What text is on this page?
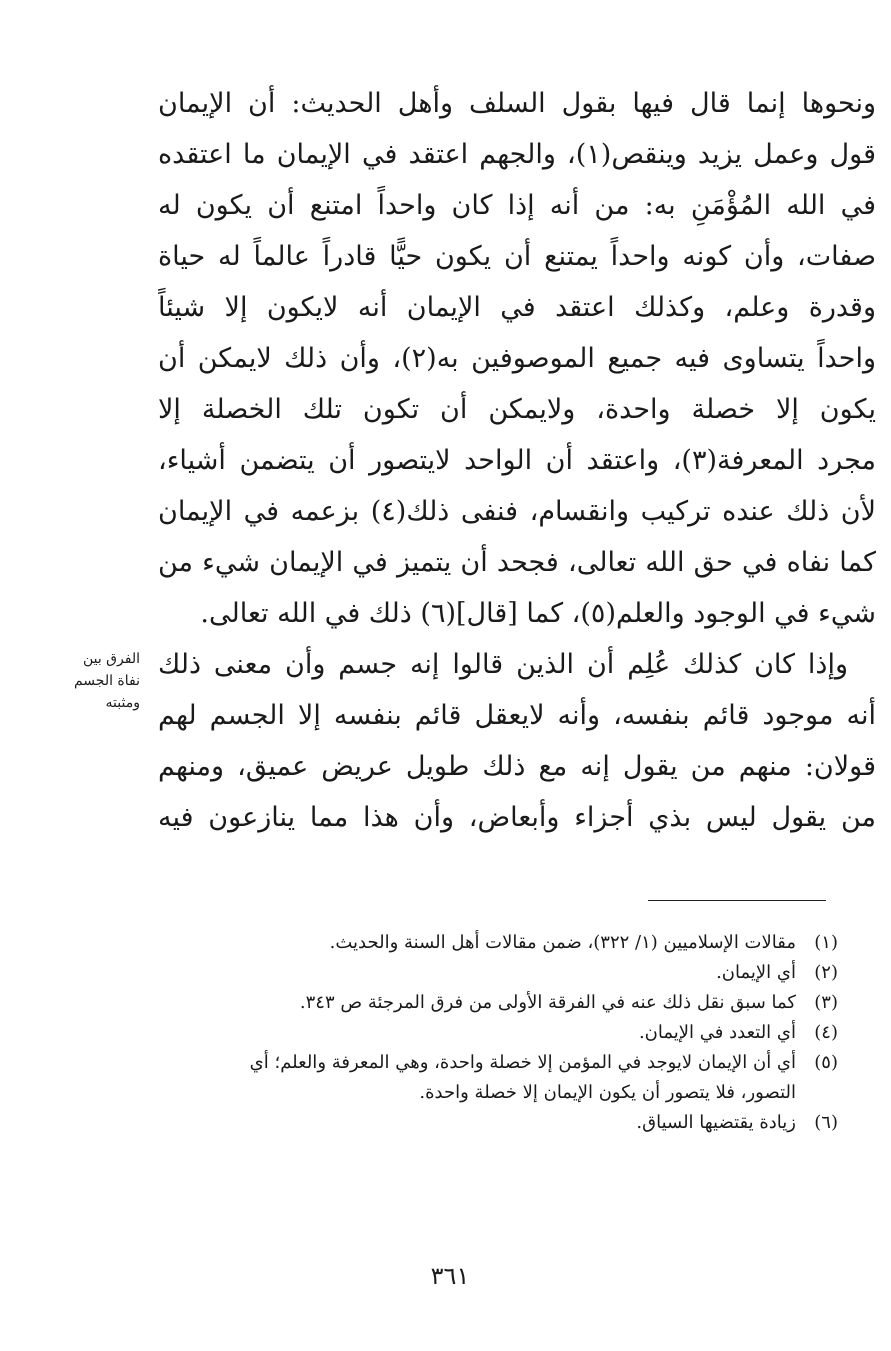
ونحوها إنما قال فيها بقول السلف وأهل الحديث: أن الإيمان
قول وعمل يزيد وينقص(١)، والجهم اعتقد في الإيمان ما اعتقده
في الله المُؤْمَنِ به: من أنه إذا كان واحداً امتنع أن يكون له
صفات، وأن كونه واحداً يمتنع أن يكون حيًّا قادراً عالماً له حياة
وقدرة وعلم، وكذلك اعتقد في الإيمان أنه لايكون إلا شيئاً
واحداً يتساوى فيه جميع الموصوفين به(٢)، وأن ذلك لايمكن أن
يكون إلا خصلة واحدة، ولايمكن أن تكون تلك الخصلة إلا
مجرد المعرفة(٣)، واعتقد أن الواحد لايتصور أن يتضمن أشياء،
لأن ذلك عنده تركيب وانقسام، فنفى ذلك(٤) بزعمه في الإيمان
كما نفاه في حق الله تعالى، فجحد أن يتميز في الإيمان شيء من
شيء في الوجود والعلم(٥)، كما [قال](٦) ذلك في الله تعالى.
وإذا كان كذلك عُلِم أن الذين قالوا إنه جسم وأن معنى ذلك
أنه موجود قائم بنفسه، وأنه لايعقل قائم بنفسه إلا الجسم لهم
قولان: منهم من يقول إنه مع ذلك طويل عريض عميق، ومنهم
من يقول ليس بذي أجزاء وأبعاض، وأن هذا مما ينازعون فيه
الفرق بين
نفاة الجسم
ومثبته
(١)
مقالات الإسلاميين (١/ ٣٢٢)، ضمن مقالات أهل السنة والحديث.
(٢)
أي الإيمان.
(٣)
كما سبق نقل ذلك عنه في الفرقة الأولى من فرق المرجئة ص ٣٤٣.
(٤)
أي التعدد في الإيمان.
(٥)
أي أن الإيمان لايوجد في المؤمن إلا خصلة واحدة، وهي المعرفة والعلم؛ أي
التصور، فلا يتصور أن يكون الإيمان إلا خصلة واحدة.
(٦)
زيادة يقتضيها السياق.
٣٦١
